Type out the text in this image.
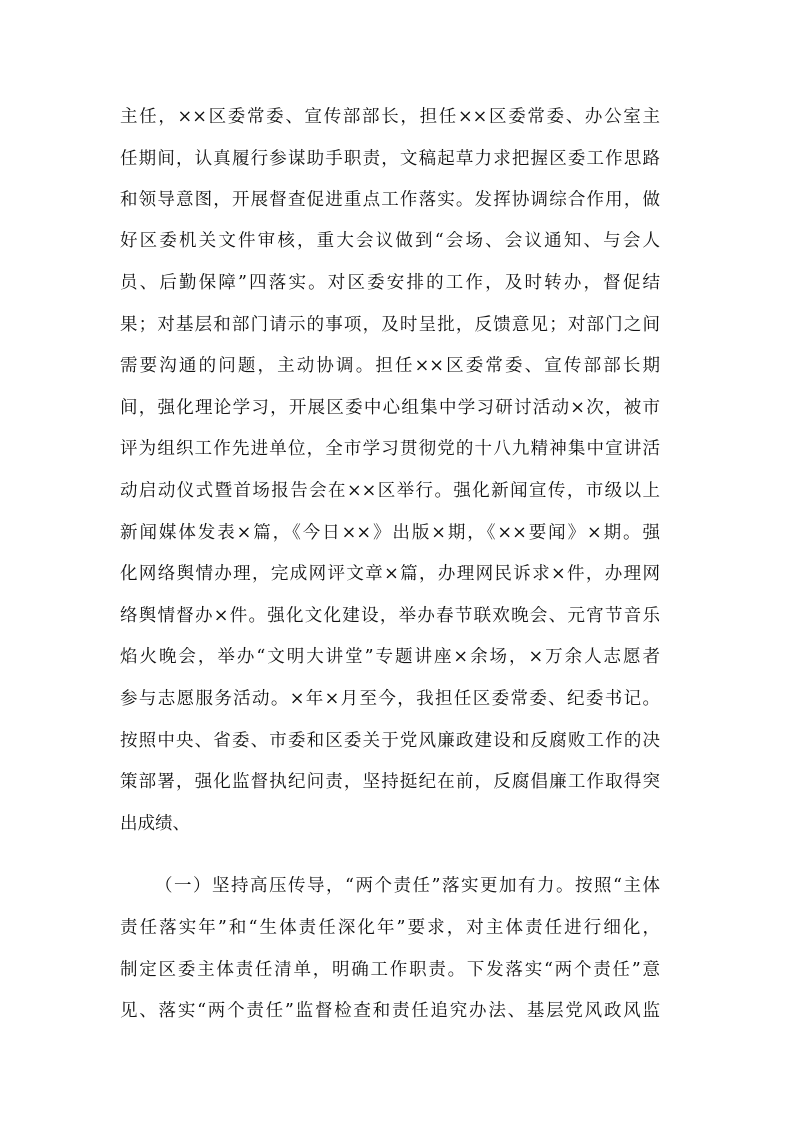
主任，××区委常委、宣传部部长，担任××区委常委、办公室主
任期间，认真履行参谋助手职责，文稿起草力求把握区委工作思路
和领导意图，开展督查促进重点工作落实。发挥协调综合作用，做
好区委机关文件审核，重大会议做到“会场、会议通知、与会人
员、后勤保障”四落实。对区委安排的工作，及时转办，督促结
果；对基层和部门请示的事项，及时呈批，反馈意见；对部门之间
需要沟通的问题，主动协调。担任××区委常委、宣传部部长期
间，强化理论学习，开展区委中心组集中学习研讨活动×次，被市
评为组织工作先进单位，全市学习贯彻党的十八九精神集中宣讲活
动启动仪式暨首场报告会在××区举行。强化新闻宣传，市级以上
新闻媒体发表×篇，《今日××》出版×期，《××要闻》×期。强
化网络舆情办理，完成网评文章×篇，办理网民诉求×件，办理网
络舆情督办×件。强化文化建设，举办春节联欢晚会、元宵节音乐
焰火晚会，举办“文明大讲堂”专题讲座×余场，×万余人志愿者
参与志愿服务活动。×年×月至今，我担任区委常委、纪委书记。
按照中央、省委、市委和区委关于党风廉政建设和反腐败工作的决
策部署，强化监督执纪问责，坚持挺纪在前，反腐倡廉工作取得突
出成绩、
（一）坚持高压传导，“两个责任”落实更加有力。按照“主体
责任落实年”和“生体责任深化年”要求，对主体责任进行细化，
制定区委主体责任清单，明确工作职责。下发落实“两个责任”意
见、落实“两个责任”监督检查和责任追究办法、基层党风政风监
